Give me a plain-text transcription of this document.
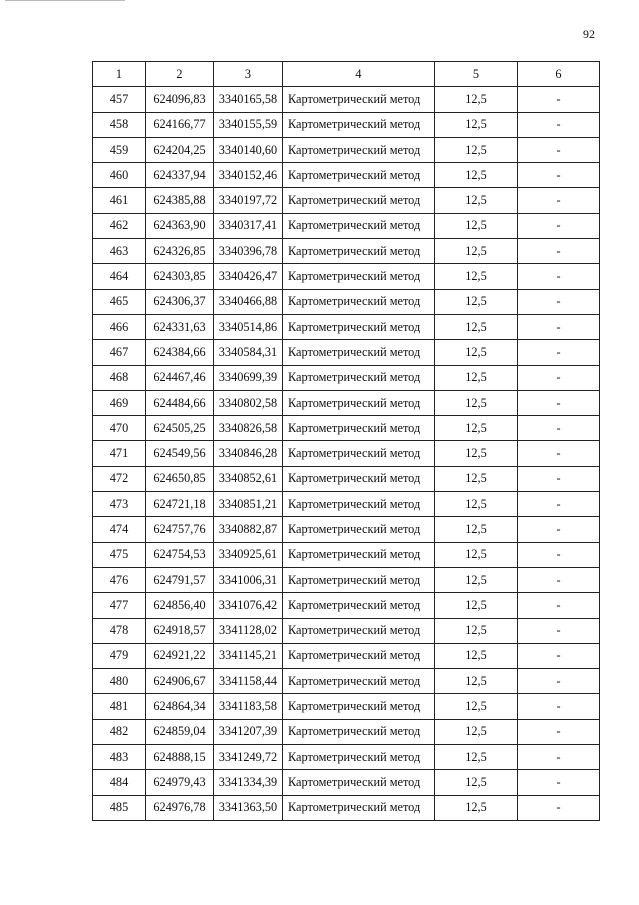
92
1	2	3	4	5	6
457	624096,83	3340165,58	Картометрический метод	12,5	-
458	624166,77	3340155,59	Картометрический метод	12,5	-
459	624204,25	3340140,60	Картометрический метод	12,5	-
460	624337,94	3340152,46	Картометрический метод	12,5	-
461	624385,88	3340197,72	Картометрический метод	12,5	-
462	624363,90	3340317,41	Картометрический метод	12,5	-
463	624326,85	3340396,78	Картометрический метод	12,5	-
464	624303,85	3340426,47	Картометрический метод	12,5	-
465	624306,37	3340466,88	Картометрический метод	12,5	-
466	624331,63	3340514,86	Картометрический метод	12,5	-
467	624384,66	3340584,31	Картометрический метод	12,5	-
468	624467,46	3340699,39	Картометрический метод	12,5	-
469	624484,66	3340802,58	Картометрический метод	12,5	-
470	624505,25	3340826,58	Картометрический метод	12,5	-
471	624549,56	3340846,28	Картометрический метод	12,5	-
472	624650,85	3340852,61	Картометрический метод	12,5	-
473	624721,18	3340851,21	Картометрический метод	12,5	-
474	624757,76	3340882,87	Картометрический метод	12,5	-
475	624754,53	3340925,61	Картометрический метод	12,5	-
476	624791,57	3341006,31	Картометрический метод	12,5	-
477	624856,40	3341076,42	Картометрический метод	12,5	-
478	624918,57	3341128,02	Картометрический метод	12,5	-
479	624921,22	3341145,21	Картометрический метод	12,5	-
480	624906,67	3341158,44	Картометрический метод	12,5	-
481	624864,34	3341183,58	Картометрический метод	12,5	-
482	624859,04	3341207,39	Картометрический метод	12,5	-
483	624888,15	3341249,72	Картометрический метод	12,5	-
484	624979,43	3341334,39	Картометрический метод	12,5	-
485	624976,78	3341363,50	Картометрический метод	12,5	-
